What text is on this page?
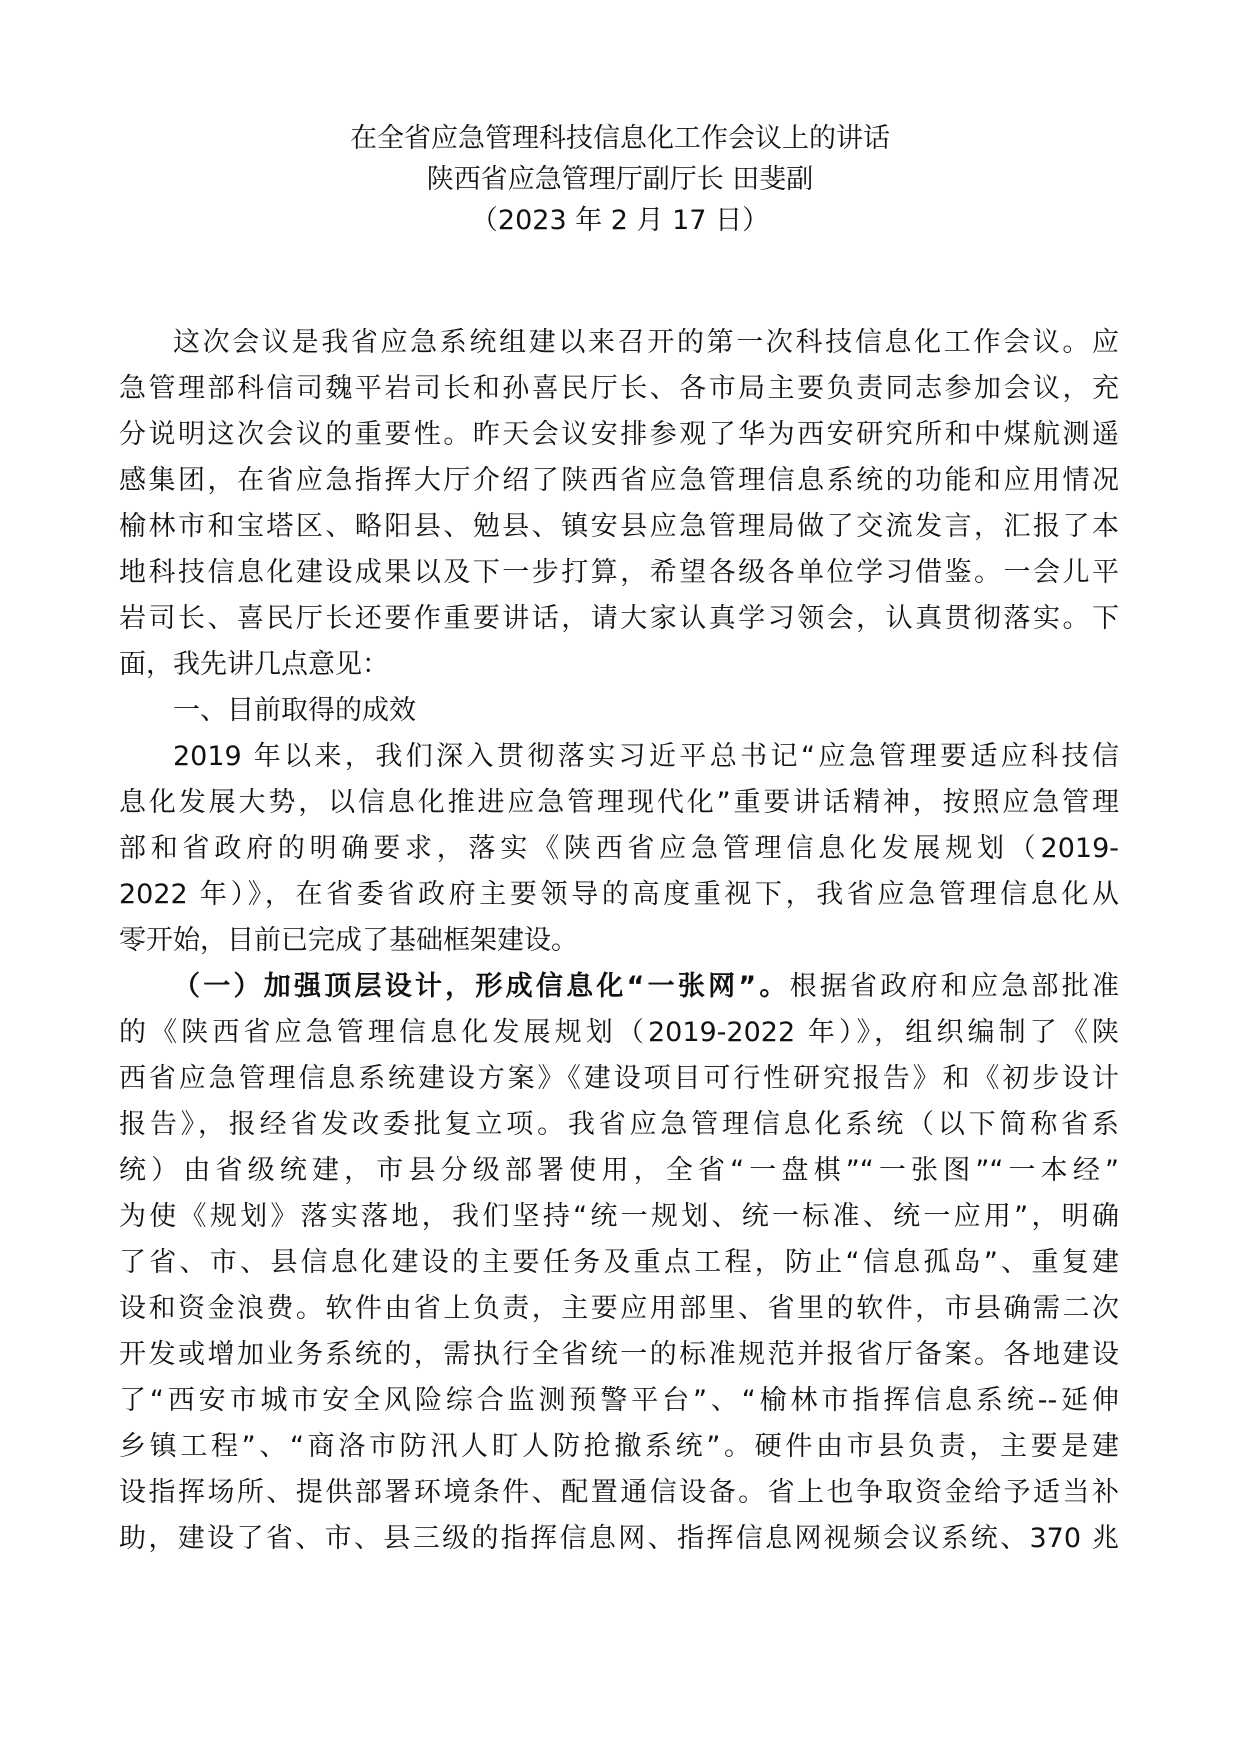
在全省应急管理科技信息化工作会议上的讲话
陕西省应急管理厅副厅长 田斐副
（2023 年 2 月 17 日）
这次会议是我省应急系统组建以来召开的第一次科技信息化工作会议。应
急管理部科信司魏平岩司长和孙喜民厅长、各市局主要负责同志参加会议，充
分说明这次会议的重要性。昨天会议安排参观了华为西安研究所和中煤航测遥
感集团，在省应急指挥大厅介绍了陕西省应急管理信息系统的功能和应用情况
榆林市和宝塔区、略阳县、勉县、镇安县应急管理局做了交流发言，汇报了本
地科技信息化建设成果以及下一步打算，希望各级各单位学习借鉴。一会儿平
岩司长、喜民厅长还要作重要讲话，请大家认真学习领会，认真贯彻落实。下
面，我先讲几点意见：
一、目前取得的成效
2019 年以来，我们深入贯彻落实习近平总书记“应急管理要适应科技信
息化发展大势，以信息化推进应急管理现代化”重要讲话精神，按照应急管理
部和省政府的明确要求，落实《陕西省应急管理信息化发展规划（2019-
2022 年）》，在省委省政府主要领导的高度重视下，我省应急管理信息化从
零开始，目前已完成了基础框架建设。
（一）加强顶层设计，形成信息化“一张网”。根据省政府和应急部批准
的《陕西省应急管理信息化发展规划（2019-2022 年）》，组织编制了《陕
西省应急管理信息系统建设方案》《建设项目可行性研究报告》和《初步设计
报告》，报经省发改委批复立项。我省应急管理信息化系统（以下简称省系
统）由省级统建，市县分级部署使用，全省“一盘棋”“一张图”“一本经”
为使《规划》落实落地，我们坚持“统一规划、统一标准、统一应用”，明确
了省、市、县信息化建设的主要任务及重点工程，防止“信息孤岛”、重复建
设和资金浪费。软件由省上负责，主要应用部里、省里的软件，市县确需二次
开发或增加业务系统的，需执行全省统一的标准规范并报省厅备案。各地建设
了“西安市城市安全风险综合监测预警平台”、“榆林市指挥信息系统--延伸
乡镇工程”、“商洛市防汛人盯人防抢撤系统”。硬件由市县负责，主要是建
设指挥场所、提供部署环境条件、配置通信设备。省上也争取资金给予适当补
助，建设了省、市、县三级的指挥信息网、指挥信息网视频会议系统、370 兆
